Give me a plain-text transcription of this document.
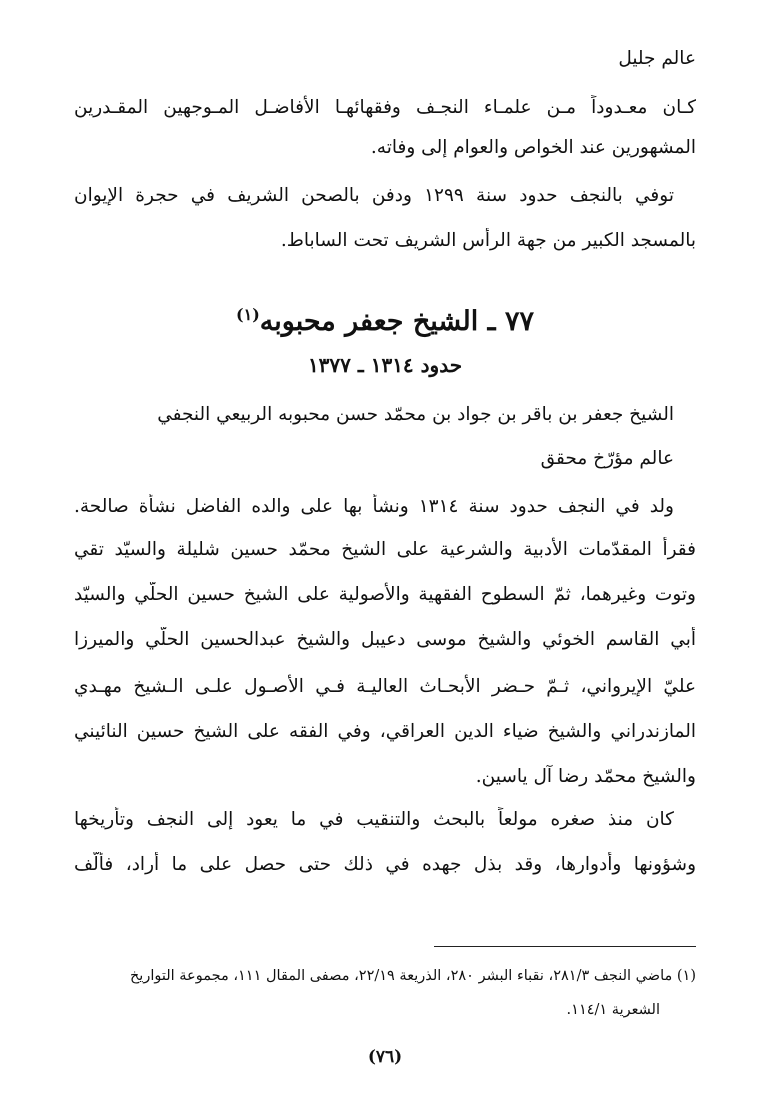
عالم جليل
كـان معـدوداً مـن علمـاء النجـف وفقهائهـا الأفاضـل المـوجهين المقـدرين
المشهورين عند الخواص والعوام إلى وفاته.
توفي بالنجف حدود سنة ١٢٩٩ ودفن بالصحن الشريف في حجرة الإيوان
بالمسجد الكبير من جهة الرأس الشريف تحت الساباط.
٧٧ ـ الشيخ جعفر محبوبه$^{(١)}$
حدود ١٣١٤ ـ ١٣٧٧
الشيخ جعفر بن باقر بن جواد بن محمّد حسن محبوبه الربيعي النجفي
عالم مؤرّخ محقق
ولد في النجف حدود سنة ١٣١٤ ونشأ بها على والده الفاضل نشأة صالحة.
فقرأ المقدّمات الأدبية والشرعية على الشيخ محمّد حسين شليلة والسيّد تقي
وتوت وغيرهما، ثمّ السطوح الفقهية والأصولية على الشيخ حسين الحلّي والسيّد
أبي القاسم الخوئي والشيخ موسى دعيبل والشيخ عبدالحسين الحلّي والميرزا
عليّ الإيرواني، ثـمّ حـضر الأبحـاث العاليـة فـي الأصـول علـى الـشيخ مهـدي
المازندراني والشيخ ضياء الدين العراقي، وفي الفقه على الشيخ حسين النائيني
والشيخ محمّد رضا آل ياسين.
كان منذ صغره مولعاً بالبحث والتنقيب في ما يعود إلى النجف وتأريخها
وشؤونها وأدوارها، وقد بذل جهده في ذلك حتى حصل على ما أراد، فألّف
(١) ماضي النجف ٢٨١/٣، نقباء البشر ٢٨٠، الذريعة ٢٢/١٩، مصفى المقال ١١١، مجموعة التواريخ
الشعرية ١١٤/١.
(٧٦)
